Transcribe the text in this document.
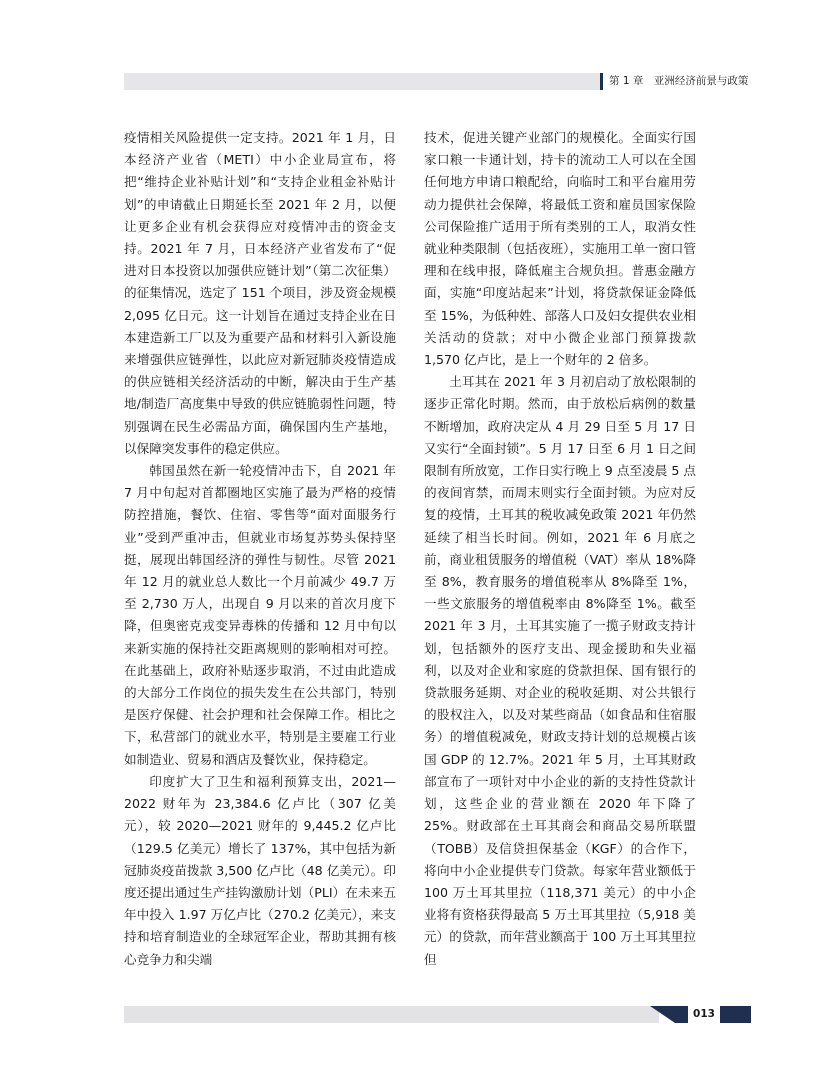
第 1 章　亚洲经济前景与政策

疫情相关风险提供一定支持。2021 年 1 月，日本经济产业省（METI）中小企业局宣布，将把“维持企业补贴计划”和“支持企业租金补贴计划”的申请截止日期延长至 2021 年 2 月，以便让更多企业有机会获得应对疫情冲击的资金支持。2021 年 7 月，日本经济产业省发布了“促进对日本投资以加强供应链计划”（第二次征集）的征集情况，选定了 151 个项目，涉及资金规模 2,095 亿日元。这一计划旨在通过支持企业在日本建造新工厂以及为重要产品和材料引入新设施来增强供应链弹性，以此应对新冠肺炎疫情造成的供应链相关经济活动的中断，解决由于生产基地/制造厂高度集中导致的供应链脆弱性问题，特别强调在民生必需品方面，确保国内生产基地，以保障突发事件的稳定供应。

韩国虽然在新一轮疫情冲击下，自 2021 年 7 月中旬起对首都圈地区实施了最为严格的疫情防控措施，餐饮、住宿、零售等“面对面服务行业”受到严重冲击，但就业市场复苏势头保持坚挺，展现出韩国经济的弹性与韧性。尽管 2021 年 12 月的就业总人数比一个月前减少 49.7 万至 2,730 万人，出现自 9 月以来的首次月度下降，但奥密克戎变异毒株的传播和 12 月中旬以来新实施的保持社交距离规则的影响相对可控。在此基础上，政府补贴逐步取消，不过由此造成的大部分工作岗位的损失发生在公共部门，特别是医疗保健、社会护理和社会保障工作。相比之下，私营部门的就业水平，特别是主要雇工行业如制造业、贸易和酒店及餐饮业，保持稳定。

印度扩大了卫生和福利预算支出，2021—2022 财年为 23,384.6 亿卢比（307 亿美元），较 2020—2021 财年的 9,445.2 亿卢比（129.5 亿美元）增长了 137%，其中包括为新冠肺炎疫苗拨款 3,500 亿卢比（48 亿美元）。印度还提出通过生产挂钩激励计划（PLI）在未来五年中投入 1.97 万亿卢比（270.2 亿美元），来支持和培育制造业的全球冠军企业，帮助其拥有核心竞争力和尖端

技术，促进关键产业部门的规模化。全面实行国家口粮一卡通计划，持卡的流动工人可以在全国任何地方申请口粮配给，向临时工和平台雇用劳动力提供社会保障，将最低工资和雇员国家保险公司保险推广适用于所有类别的工人，取消女性就业种类限制（包括夜班），实施用工单一窗口管理和在线申报，降低雇主合规负担。普惠金融方面，实施“印度站起来”计划，将贷款保证金降低至 15%，为低种姓、部落人口及妇女提供农业相关活动的贷款；对中小微企业部门预算拨款 1,570 亿卢比，是上一个财年的 2 倍多。

土耳其在 2021 年 3 月初启动了放松限制的逐步正常化时期。然而，由于放松后病例的数量不断增加，政府决定从 4 月 29 日至 5 月 17 日又实行“全面封锁”。5 月 17 日至 6 月 1 日之间限制有所放宽，工作日实行晚上 9 点至凌晨 5 点的夜间宵禁，而周末则实行全面封锁。为应对反复的疫情，土耳其的税收减免政策 2021 年仍然延续了相当长时间。例如，2021 年 6 月底之前，商业租赁服务的增值税（VAT）率从 18%降至 8%，教育服务的增值税率从 8%降至 1%，一些文旅服务的增值税率由 8%降至 1%。截至 2021 年 3 月，土耳其实施了一揽子财政支持计划，包括额外的医疗支出、现金援助和失业福利，以及对企业和家庭的贷款担保、国有银行的贷款服务延期、对企业的税收延期、对公共银行的股权注入，以及对某些商品（如食品和住宿服务）的增值税减免，财政支持计划的总规模占该国 GDP 的 12.7%。2021 年 5 月，土耳其财政部宣布了一项针对中小企业的新的支持性贷款计划，这些企业的营业额在 2020 年下降了 25%。财政部在土耳其商会和商品交易所联盟（TOBB）及信贷担保基金（KGF）的合作下，将向中小企业提供专门贷款。每家年营业额低于 100 万土耳其里拉（118,371 美元）的中小企业将有资格获得最高 5 万土耳其里拉（5,918 美元）的贷款，而年营业额高于 100 万土耳其里拉但

013
